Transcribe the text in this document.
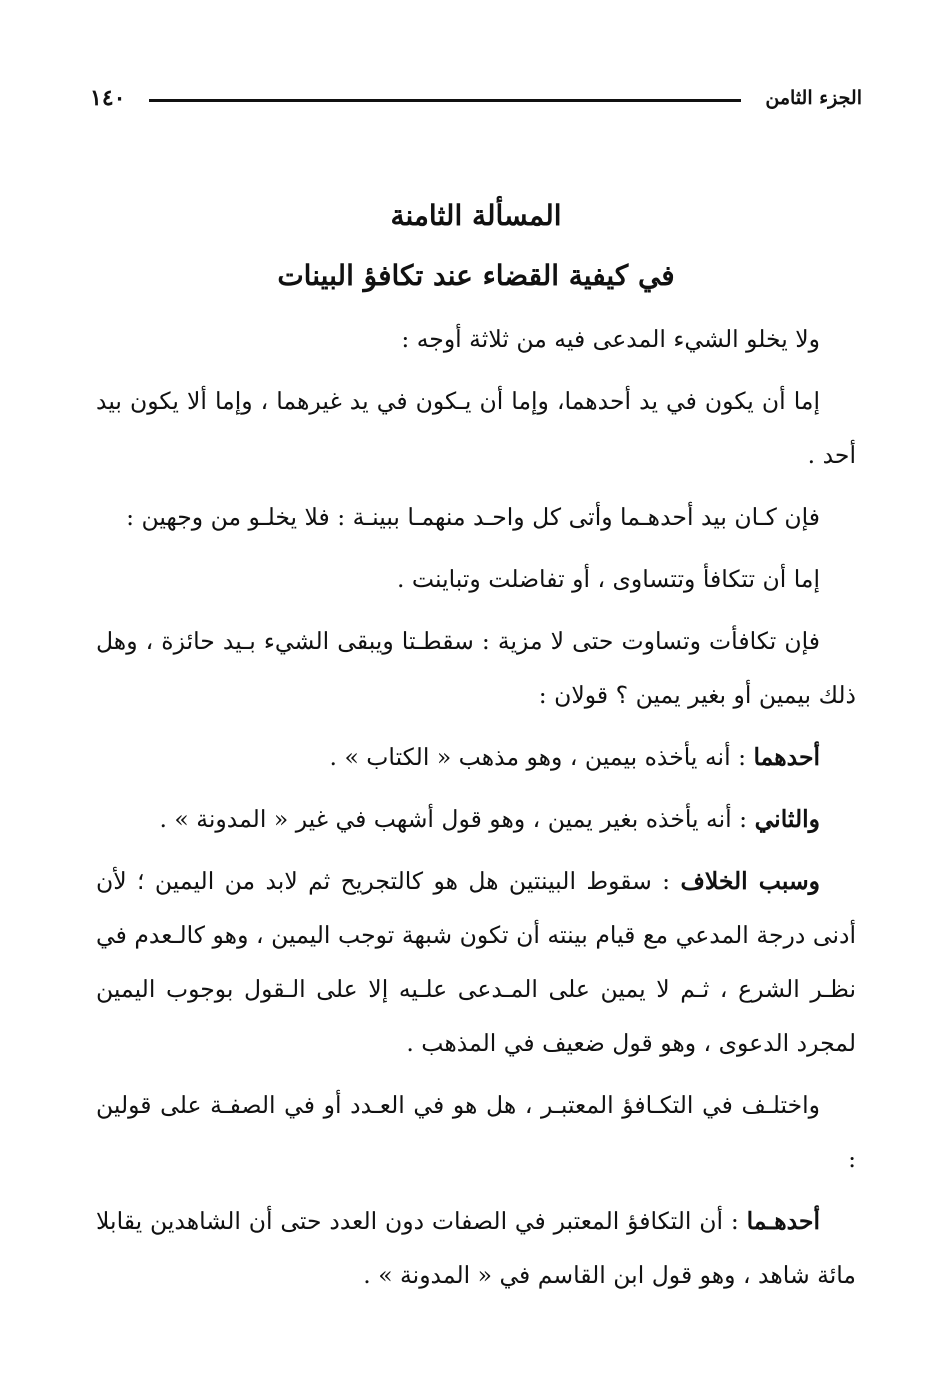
١٤٠	الجزء الثامن
المسألة الثامنة
في كيفية القضاء عند تكافؤ البينات

ولا يخلو الشيء المدعى فيه من ثلاثة أوجه :

إما أن يكون في يد أحدهما، وإما أن يـكون في يد غيرهما ، وإما ألا يكون بيد أحد .

فإن كـان بيد أحدهـما وأتى كل واحـد منهمـا ببينـة : فلا يخلـو من وجهين :

إما أن تتكافأ وتتساوى ، أو تفاضلت وتباينت .

فإن تكافأت وتساوت حتى لا مزية : سقطـتا ويبقى الشيء بـيد حائزة ، وهل ذلك بيمين أو بغير يمين ؟ قولان :

أحدهما : أنه يأخذه بيمين ، وهو مذهب « الكتاب » .

والثاني : أنه يأخذه بغير يمين ، وهو قول أشهب في غير « المدونة » .

وسبب الخلاف : سقوط البينتين هل هو كالتجريح ثم لابد من اليمين ؛ لأن أدنى درجة المدعي مع قيام بينته أن تكون شبهة توجب اليمين ، وهو كالـعدم في نظـر الشرع ، ثـم لا يمين على المـدعى علـيه إلا على الـقول بوجوب اليمين لمجرد الدعوى ، وهو قول ضعيف في المذهب .

واختلـف في التكـافؤ المعتبـر ، هل هو في العـدد أو في الصفـة على قولين :

أحدهـما : أن التكافؤ المعتبر في الصفات دون العدد حتى أن الشاهدين يقابلا مائة شاهد ، وهو قول ابن القاسم في « المدونة » .
